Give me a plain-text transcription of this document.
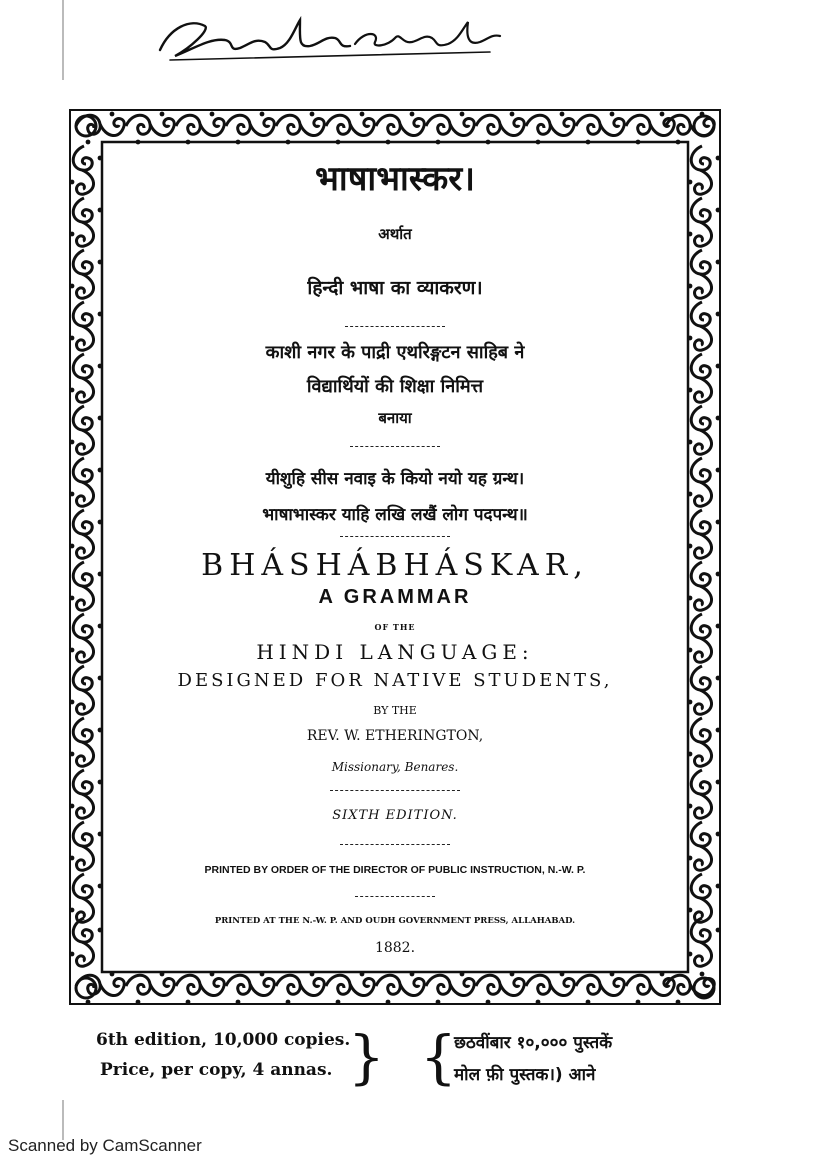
भाषाभास्कर।
अर्थात
हिन्दी भाषा का व्याकरण।
काशी नगर के पाद्री एथरिङ्गटन साहिब ने
विद्यार्थियों की शिक्षा निमित्त
बनाया
यीशुहि सीस नवाइ के कियो नयो यह ग्रन्थ।
भाषाभास्कर याहि लखि लखैं लोग पदपन्थ॥
BHÁSHÁBHÁSKAR,
A GRAMMAR
OF THE
HINDI LANGUAGE:
DESIGNED FOR NATIVE STUDENTS,
BY THE
REV. W. ETHERINGTON,
Missionary, Benares.
SIXTH EDITION.
PRINTED BY ORDER OF THE DIRECTOR OF PUBLIC INSTRUCTION, N.-W. P.
PRINTED AT THE N.-W. P. AND OUDH GOVERNMENT PRESS, ALLAHABAD.
1882.
6th edition, 10,000 copies.
Price, per copy, 4 annas. } {
छठवींबार १०,००० पुस्तकें
मोल फ़ी पुस्तक।) आने
Scanned by CamScanner
